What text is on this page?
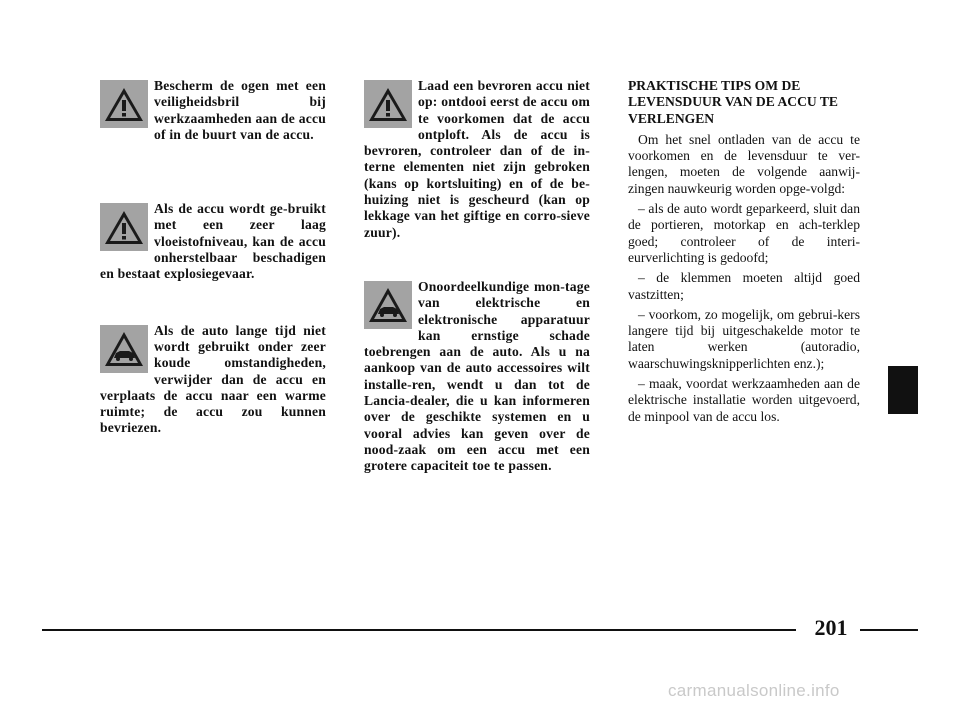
Bescherm de ogen met een veiligheidsbril bij werkzaamheden aan de accu of in de buurt van de accu.

Als de accu wordt ge-bruikt met een zeer laag vloeistofniveau, kan de accu onherstelbaar beschadigen en bestaat explosiegevaar.

Als de auto lange tijd niet wordt gebruikt onder zeer koude omstandigheden, verwijder dan de accu en verplaats de accu naar een warme ruimte; de accu zou kunnen bevriezen.

Laad een bevroren accu niet op: ontdooi eerst de accu om te voorkomen dat de accu ontploft. Als de accu is bevroren, controleer dan of de in-terne elementen niet zijn gebroken (kans op kortsluiting) en of de be-huizing niet is gescheurd (kan op lekkage van het giftige en corro-sieve zuur).

Onoordeelkundige mon-tage van elektrische en elektronische apparatuur kan ernstige schade toebrengen aan de auto. Als u na aankoop van de auto accessoires wilt installe-ren, wendt u dan tot de Lancia-dealer, die u kan informeren over de geschikte systemen en u vooral advies kan geven over de nood-zaak om een accu met een grotere capaciteit toe te passen.

PRAKTISCHE TIPS OM DE LEVENSDUUR VAN DE ACCU TE VERLENGEN

Om het snel ontladen van de accu te voorkomen en de levensduur te ver-lengen, moeten de volgende aanwij-zingen nauwkeurig worden opge-volgd:

– als de auto wordt geparkeerd, sluit dan de portieren, motorkap en ach-terklep goed; controleer of de interi-eurverlichting is gedoofd;

– de klemmen moeten altijd goed vastzitten;

– voorkom, zo mogelijk, om gebrui-kers langere tijd bij uitgeschakelde motor te laten werken (autoradio, waarschuwingsknipperlichten enz.);

– maak, voordat werkzaamheden aan de elektrische installatie worden uitgevoerd, de minpool van de accu los.

201
carmanualsonline.info
